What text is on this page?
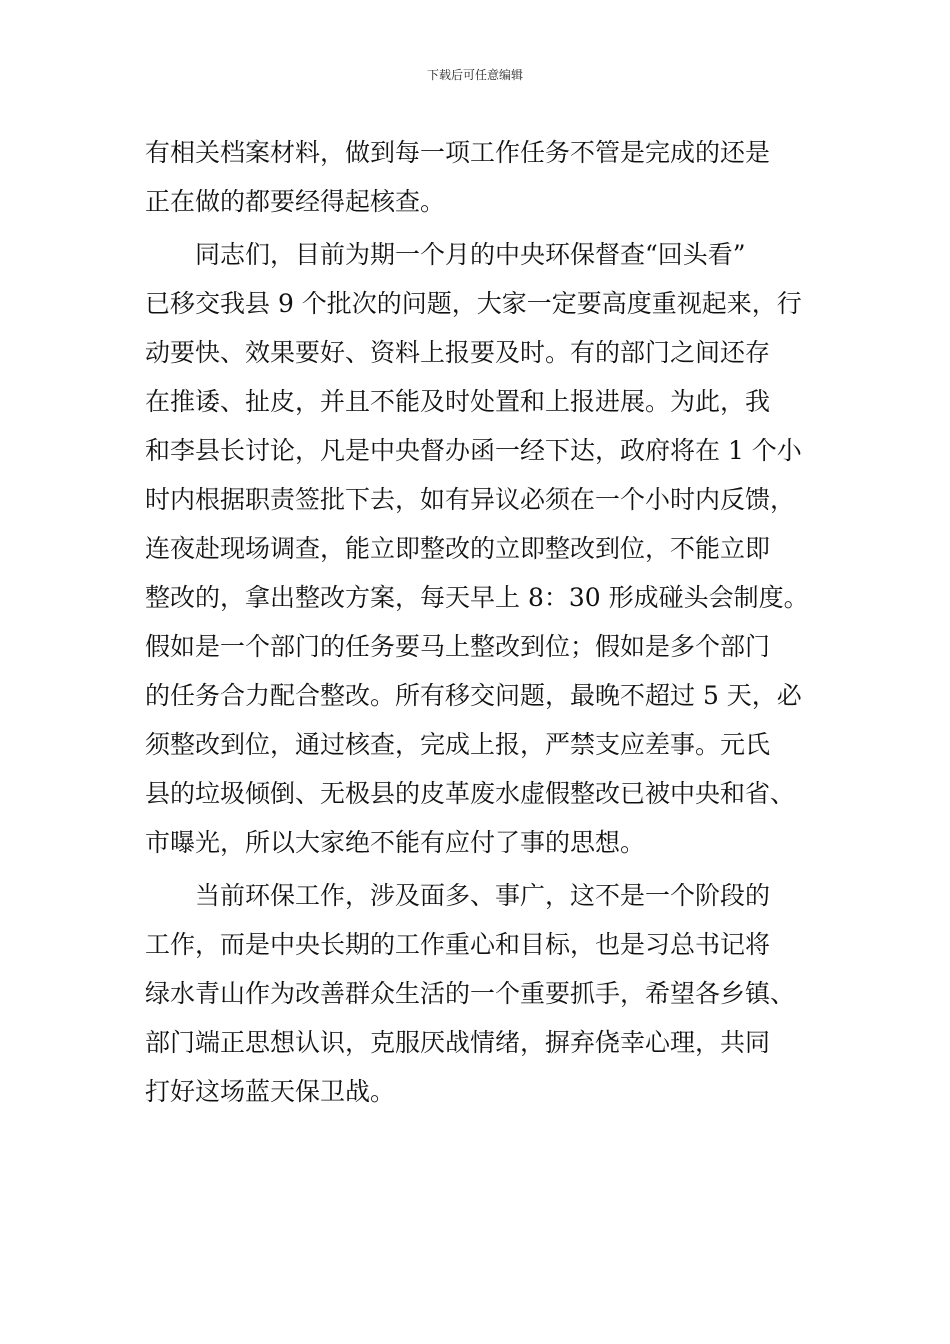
下载后可任意编辑
有相关档案材料，做到每一项工作任务不管是完成的还是
正在做的都要经得起核查。
同志们，目前为期一个月的中央环保督查“回头看”
已移交我县 9 个批次的问题，大家一定要高度重视起来，行
动要快、效果要好、资料上报要及时。有的部门之间还存
在推诿、扯皮，并且不能及时处置和上报进展。为此，我
和李县长讨论，凡是中央督办函一经下达，政府将在 1 个小
时内根据职责签批下去，如有异议必须在一个小时内反馈，
连夜赴现场调查，能立即整改的立即整改到位，不能立即
整改的，拿出整改方案，每天早上 8：30 形成碰头会制度。
假如是一个部门的任务要马上整改到位；假如是多个部门
的任务合力配合整改。所有移交问题，最晚不超过 5 天，必
须整改到位，通过核查，完成上报，严禁支应差事。元氏
县的垃圾倾倒、无极县的皮革废水虚假整改已被中央和省、
市曝光，所以大家绝不能有应付了事的思想。
当前环保工作，涉及面多、事广，这不是一个阶段的
工作，而是中央长期的工作重心和目标，也是习总书记将
绿水青山作为改善群众生活的一个重要抓手，希望各乡镇、
部门端正思想认识，克服厌战情绪，摒弃侥幸心理，共同
打好这场蓝天保卫战。
